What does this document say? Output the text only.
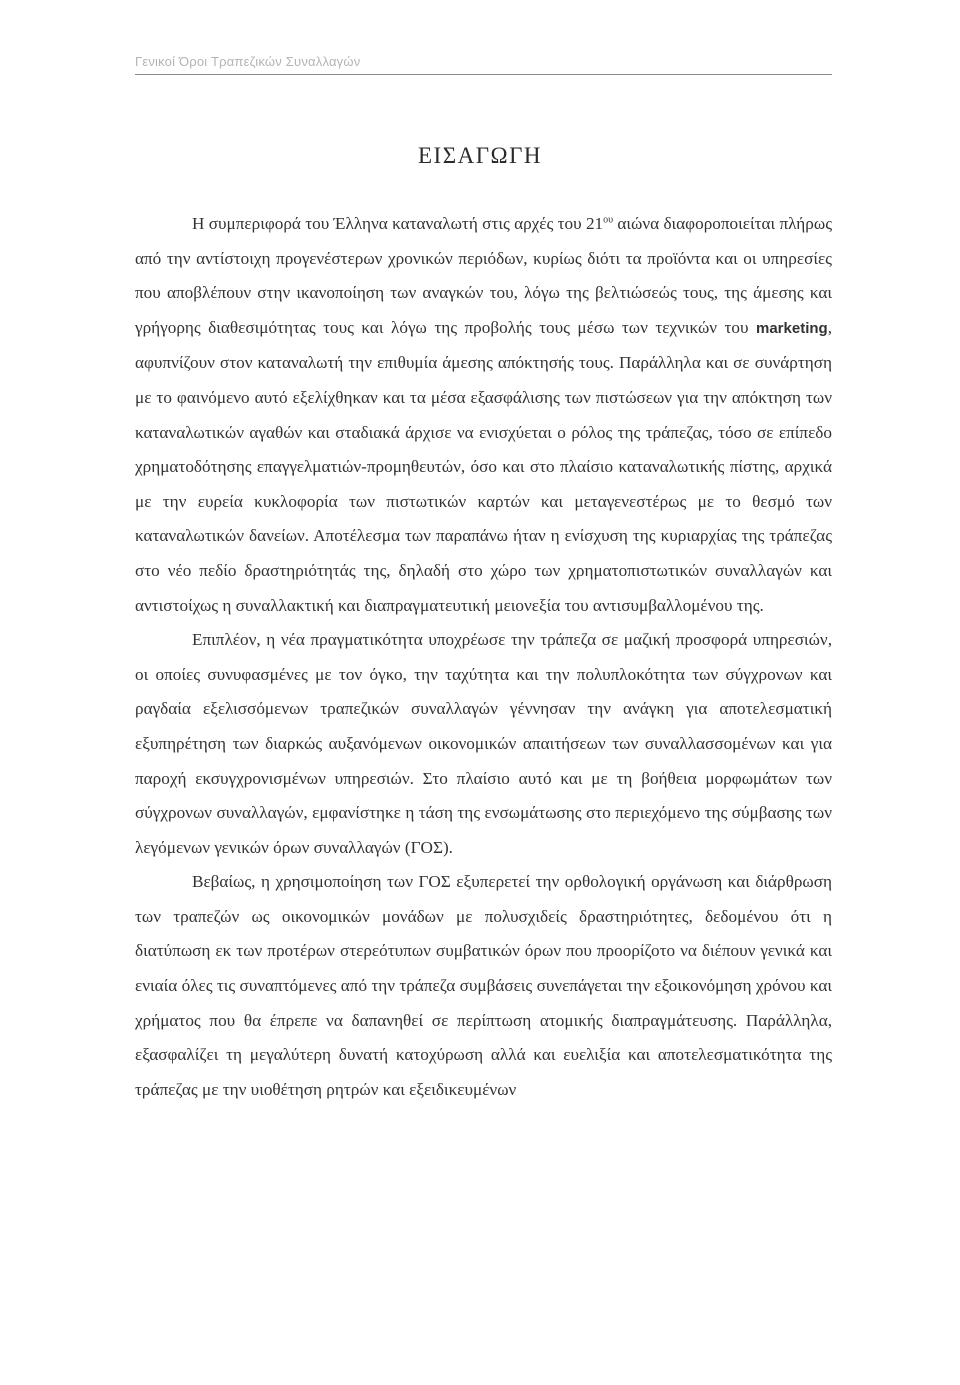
Γενικοί Όροι Τραπεζικών Συναλλαγών
ΕΙΣΑΓΩΓΗ

Η συμπεριφορά του Έλληνα καταναλωτή στις αρχές του $21^{o\upsilon}$ αιώνα διαφοροποιείται πλήρως από την αντίστοιχη προγενέστερων χρονικών περιόδων, κυρίως διότι τα προϊόντα και οι υπηρεσίες που αποβλέπουν στην ικανοποίηση των αναγκών του, λόγω της βελτιώσεώς τους, της άμεσης και γρήγορης διαθεσιμότητας τους και λόγω της προβολής τους μέσω των τεχνικών του marketing, αφυπνίζουν στον καταναλωτή την επιθυμία άμεσης απόκτησής τους. Παράλληλα και σε συνάρτηση με το φαινόμενο αυτό εξελίχθηκαν και τα μέσα εξασφάλισης των πιστώσεων για την απόκτηση των καταναλωτικών αγαθών και σταδιακά άρχισε να ενισχύεται ο ρόλος της τράπεζας, τόσο σε επίπεδο χρηματοδότησης επαγγελματιών-προμηθευτών, όσο και στο πλαίσιο καταναλωτικής πίστης, αρχικά με την ευρεία κυκλοφορία των πιστωτικών καρτών και μεταγενεστέρως με το θεσμό των καταναλωτικών δανείων. Αποτέλεσμα των παραπάνω ήταν η ενίσχυση της κυριαρχίας της τράπεζας στο νέο πεδίο δραστηριότητάς της, δηλαδή στο χώρο των χρηματοπιστωτικών συναλλαγών και αντιστοίχως η συναλλακτική και διαπραγματευτική μειονεξία του αντισυμβαλλομένου της.

Επιπλέον, η νέα πραγματικότητα υποχρέωσε την τράπεζα σε μαζική προσφορά υπηρεσιών, οι οποίες συνυφασμένες με τον όγκο, την ταχύτητα και την πολυπλοκότητα των σύγχρονων και ραγδαία εξελισσόμενων τραπεζικών συναλλαγών γέννησαν την ανάγκη για αποτελεσματική εξυπηρέτηση των διαρκώς αυξανόμενων οικονομικών απαιτήσεων των συναλλασσομένων και για παροχή εκσυγχρονισμένων υπηρεσιών. Στο πλαίσιο αυτό και με τη βοήθεια μορφωμάτων των σύγχρονων συναλλαγών, εμφανίστηκε η τάση της ενσωμάτωσης στο περιεχόμενο της σύμβασης των λεγόμενων γενικών όρων συναλλαγών (ΓΟΣ).

Βεβαίως, η χρησιμοποίηση των ΓΟΣ εξυπερετεί την ορθολογική οργάνωση και διάρθρωση των τραπεζών ως οικονομικών μονάδων με πολυσχιδείς δραστηριότητες, δεδομένου ότι η διατύπωση εκ των προτέρων στερεότυπων συμβατικών όρων που προορίζοτο να διέπουν γενικά και ενιαία όλες τις συναπτόμενες από την τράπεζα συμβάσεις συνεπάγεται την εξοικονόμηση χρόνου και χρήματος που θα έπρεπε να δαπανηθεί σε περίπτωση ατομικής διαπραγμάτευσης. Παράλληλα, εξασφαλίζει τη μεγαλύτερη δυνατή κατοχύρωση αλλά και ευελιξία και αποτελεσματικότητα της τράπεζας με την υιοθέτηση ρητρών και εξειδικευμένων
